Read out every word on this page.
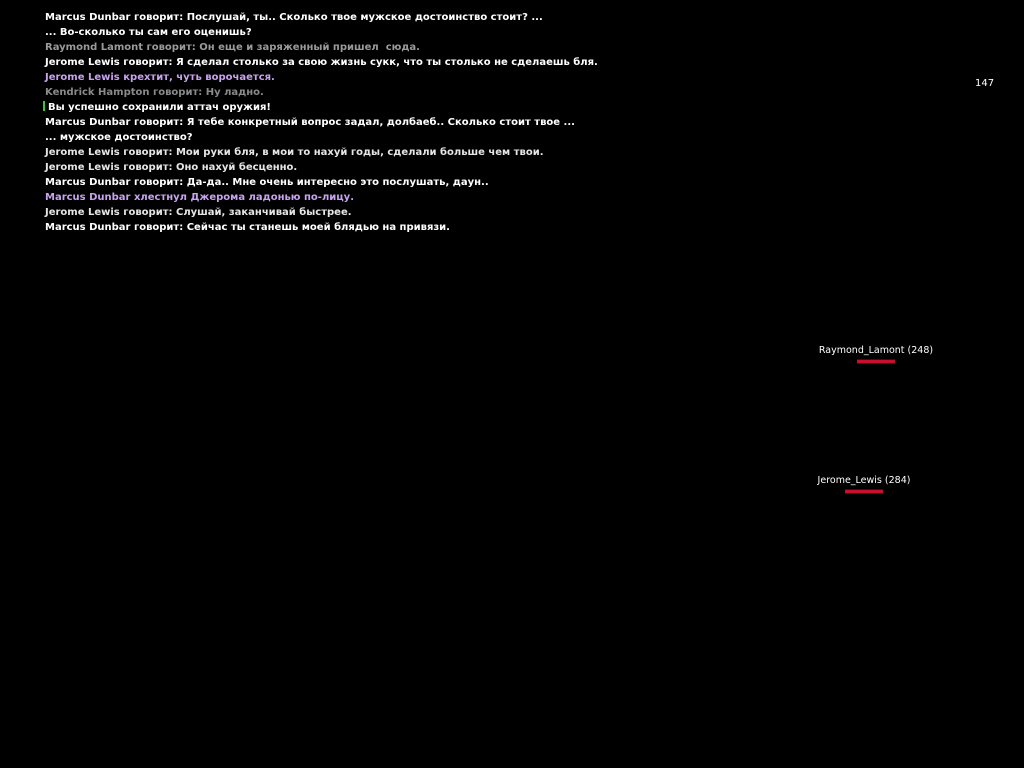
Marcus Dunbar говорит: Послушай, ты.. Сколько твое мужское достоинство стоит? ...
... Во-сколько ты сам его оценишь?
Raymond Lamont говорит: Он еще и заряженный пришел  сюда.
Jerome Lewis говорит: Я сделал столько за свою жизнь сукк, что ты столько не сделаешь бля.
Jerome Lewis крехтит, чуть ворочается.
Kendrick Hampton говорит: Ну ладно.
Вы успешно сохранили аттач оружия!
Marcus Dunbar говорит: Я тебе конкретный вопрос задал, долбаеб.. Сколько стоит твое ...
... мужское достоинство?
Jerome Lewis говорит: Мои руки бля, в мои то нахуй годы, сделали больше чем твои.
Jerome Lewis говорит: Оно нахуй бесценно.
Marcus Dunbar говорит: Да-да.. Мне очень интересно это послушать, даун..
Marcus Dunbar хлестнул Джерома ладонью по-лицу.
Jerome Lewis говорит: Слушай, заканчивай быстрее.
Marcus Dunbar говорит: Сейчас ты станешь моей блядью на привязи.
147
Raymond_Lamont (248)
Jerome_Lewis (284)
